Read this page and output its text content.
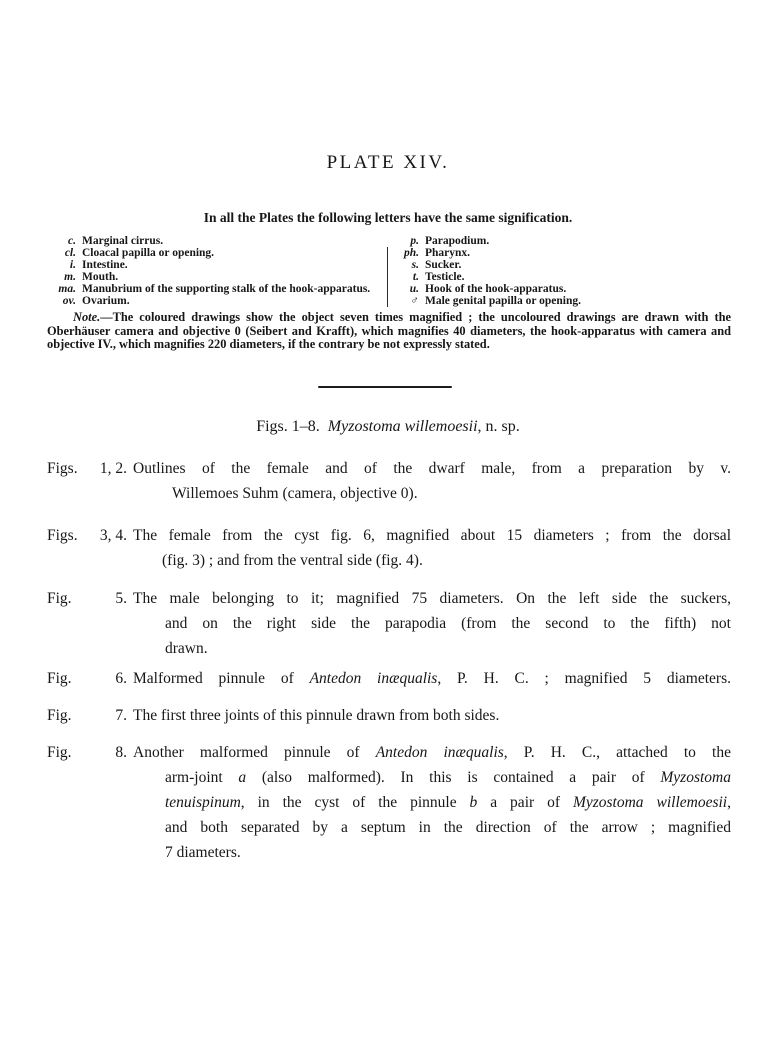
PLATE XIV.
In all the Plates the following letters have the same signification.
c. Marginal cirrus.
cl. Cloacal papilla or opening.
i. Intestine.
m. Mouth.
ma. Manubrium of the supporting stalk of the hook-apparatus.
ov. Ovarium.
p. Parapodium.
ph. Pharynx.
s. Sucker.
t. Testicle.
u. Hook of the hook-apparatus.
♂ Male genital papilla or opening.
Note.—The coloured drawings show the object seven times magnified ; the uncoloured drawings are drawn with the
Oberhäuser camera and objective 0 (Seibert and Krafft), which magnifies 40 diameters, the hook-apparatus with camera and
objective IV., which magnifies 220 diameters, if the contrary be not expressly stated.
Figs. 1–8. Myzostoma willemoesii, n. sp.
Figs. 1, 2. Outlines of the female and of the dwarf male, from a preparation by v.
Willemoes Suhm (camera, objective 0).
Figs. 3, 4. The female from the cyst fig. 6, magnified about 15 diameters ; from the dorsal
(fig. 3) ; and from the ventral side (fig. 4).
Fig.	5. The male belonging to it; magnified 75 diameters. On the left side the suckers,
and on the right side the parapodia (from the second to the fifth) not
drawn.
Fig.	6. Malformed pinnule of Antedon inæqualis, P. H. C. ; magnified 5 diameters.
Fig.	7. The first three joints of this pinnule drawn from both sides.
Fig.	8. Another malformed pinnule of Antedon inæqualis, P. H. C., attached to the
arm-joint a (also malformed). In this is contained a pair of Myzostoma
tenuispinum, in the cyst of the pinnule b a pair of Myzostoma willemoesii,
and both separated by a septum in the direction of the arrow ; magnified
7 diameters.
